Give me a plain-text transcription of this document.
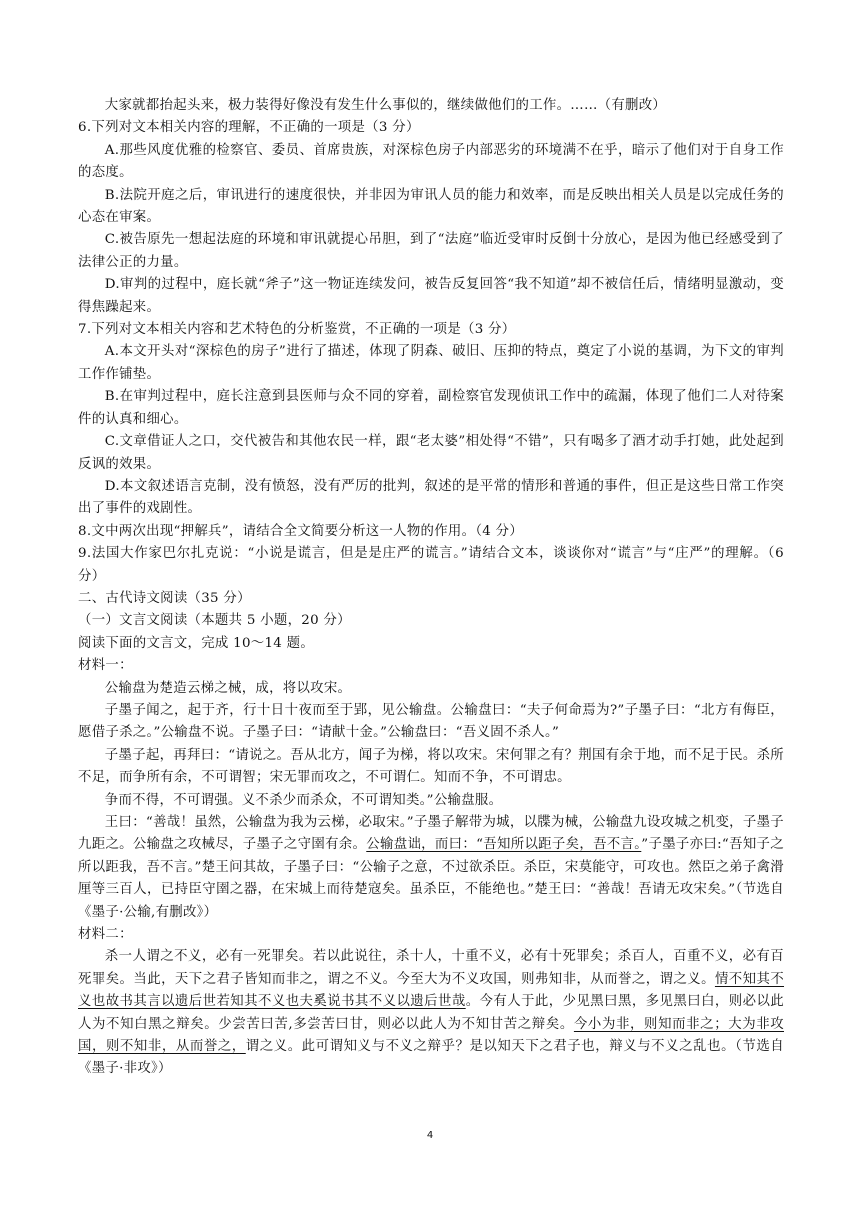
大家就都抬起头来，极力装得好像没有发生什么事似的，继续做他们的工作。……（有删改）

6.下列对文本相关内容的理解，不正确的一项是（3 分）

A.那些风度优雅的检察官、委员、首席贵族，对深棕色房子内部恶劣的环境满不在乎，暗示了他们对于自身工作的态度。

B.法院开庭之后，审讯进行的速度很快，并非因为审讯人员的能力和效率，而是反映出相关人员是以完成任务的心态在审案。

C.被告原先一想起法庭的环境和审讯就提心吊胆，到了“法庭”临近受审时反倒十分放心，是因为他已经感受到了法律公正的力量。

D.审判的过程中，庭长就“斧子”这一物证连续发问，被告反复回答“我不知道”却不被信任后，情绪明显激动，变得焦躁起来。

7.下列对文本相关内容和艺术特色的分析鉴赏，不正确的一项是（3 分）

A.本文开头对“深棕色的房子”进行了描述，体现了阴森、破旧、压抑的特点，奠定了小说的基调，为下文的审判工作作铺垫。

B.在审判过程中，庭长注意到县医师与众不同的穿着，副检察官发现侦讯工作中的疏漏，体现了他们二人对待案件的认真和细心。

C.文章借证人之口，交代被告和其他农民一样，跟“老太婆”相处得“不错”，只有喝多了酒才动手打她，此处起到反讽的效果。

D.本文叙述语言克制，没有愤怒，没有严厉的批判，叙述的是平常的情形和普通的事件，但正是这些日常工作突出了事件的戏剧性。

8.文中两次出现“押解兵”，请结合全文简要分析这一人物的作用。（4 分）

9.法国大作家巴尔扎克说：“小说是谎言，但是是庄严的谎言。”请结合文本，谈谈你对“谎言”与“庄严”的理解。（6 分）

二、古代诗文阅读（35 分）

（一）文言文阅读（本题共 5 小题，20 分）

阅读下面的文言文，完成 10～14 题。

材料一：

公输盘为楚造云梯之械，成，将以攻宋。

子墨子闻之，起于齐，行十日十夜而至于郢，见公输盘。公输盘曰：“夫子何命焉为?”子墨子曰：“北方有侮臣，愿借子杀之。”公输盘不说。子墨子曰：“请献十金。”公输盘曰：“吾义固不杀人。”

子墨子起，再拜曰：“请说之。吾从北方，闻子为梯，将以攻宋。宋何罪之有？荆国有余于地，而不足于民。杀所不足，而争所有余，不可谓智；宋无罪而攻之，不可谓仁。知而不争，不可谓忠。

争而不得，不可谓强。义不杀少而杀众，不可谓知类。”公输盘服。

王曰：“善哉！虽然，公输盘为我为云梯，必取宋。”子墨子解带为城，以牒为械，公输盘九设攻城之机变，子墨子九距之。公输盘之攻械尽，子墨子之守圉有余。公输盘诎，而曰：“吾知所以距子矣，吾不言。”子墨子亦曰:“吾知子之所以距我，吾不言。”楚王问其故，子墨子曰：“公输子之意，不过欲杀臣。杀臣，宋莫能守，可攻也。然臣之弟子禽滑厘等三百人，已持臣守圉之器，在宋城上而待楚寇矣。虽杀臣，不能绝也。”楚王曰：“善哉！吾请无攻宋矣。”（节选自《墨子·公输,有删改》）

材料二：

杀一人谓之不义，必有一死罪矣。若以此说往，杀十人，十重不义，必有十死罪矣；杀百人，百重不义，必有百死罪矣。当此，天下之君子皆知而非之，谓之不义。今至大为不义攻国，则弗知非，从而誉之，谓之义。情不知其不义也故书其言以遗后世若知其不义也夫奚说书其不义以遗后世哉。今有人于此，少见黑曰黑，多见黑曰白，则必以此人为不知白黑之辩矣。少尝苦曰苦,多尝苦曰甘，则必以此人为不知甘苦之辩矣。今小为非，则知而非之；大为非攻国，则不知非，从而誉之，谓之义。此可谓知义与不义之辩乎？是以知天下之君子也，辩义与不义之乱也。（节选自《墨子·非攻》）

4
